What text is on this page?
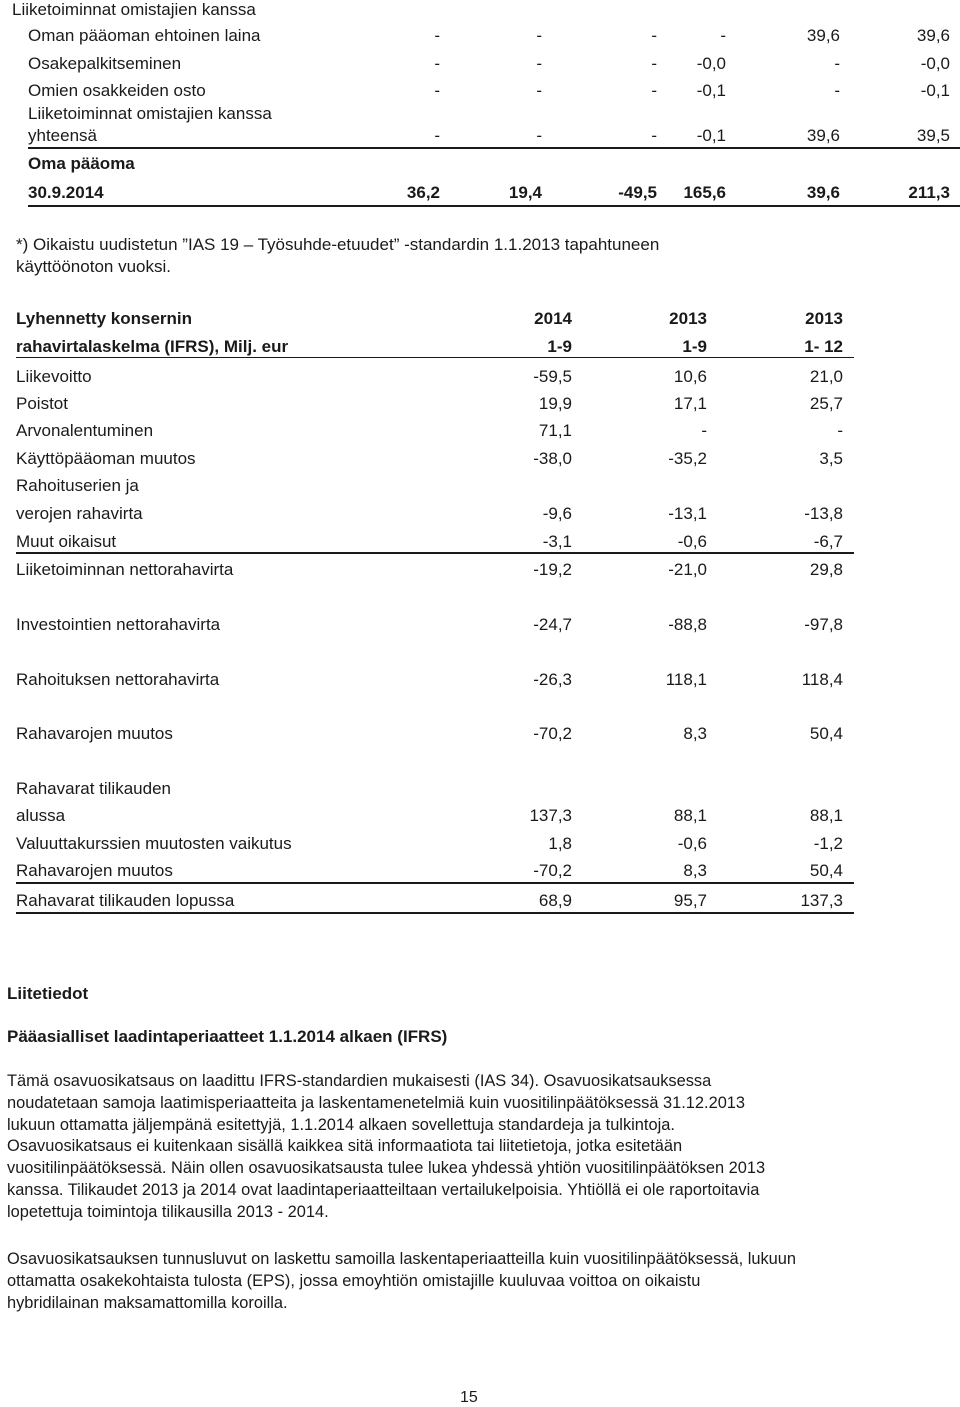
Liiketoiminnat omistajien kanssa
Oman pääoman ehtoinen laina	-	-	-	-	39,6	39,6
Osakepalkitseminen	-	-	-	-0,0	-	-0,0
Omien osakkeiden osto	-	-	-	-0,1	-	-0,1
Liiketoiminnat omistajien kanssa
yhteensä	-	-	-	-0,1	39,6	39,5
Oma pääoma
30.9.2014	36,2	19,4	-49,5	165,6	39,6	211,3
*) Oikaistu uudistetun ”IAS 19 – Työsuhde-etuudet” -standardin 1.1.2013 tapahtuneen
käyttöönoton vuoksi.
Lyhennetty konsernin
rahavirtalaskelma (IFRS), Milj. eur
2014	2013	2013
1-9	1-9	1- 12
Liikevoitto	-59,5	10,6	21,0
Poistot	19,9	17,1	25,7
Arvonalentuminen	71,1	-	-
Käyttöpääoman muutos	-38,0	-35,2	3,5
Rahoituserien ja
verojen rahavirta	-9,6	-13,1	-13,8
Muut oikaisut	-3,1	-0,6	-6,7
Liiketoiminnan nettorahavirta	-19,2	-21,0	29,8
Investointien nettorahavirta	-24,7	-88,8	-97,8
Rahoituksen nettorahavirta	-26,3	118,1	118,4
Rahavarojen muutos	-70,2	8,3	50,4
Rahavarat tilikauden
alussa	137,3	88,1	88,1
Valuuttakurssien muutosten vaikutus	1,8	-0,6	-1,2
Rahavarojen muutos	-70,2	8,3	50,4
Rahavarat tilikauden lopussa	68,9	95,7	137,3
Liitetiedot
Pääasialliset laadintaperiaatteet 1.1.2014 alkaen (IFRS)
Tämä osavuosikatsaus on laadittu IFRS-standardien mukaisesti (IAS 34). Osavuosikatsauksessa
noudatetaan samoja laatimisperiaatteita ja laskentamenetelmiä kuin vuositilinpäätöksessä 31.12.2013
lukuun ottamatta jäljempänä esitettyjä, 1.1.2014 alkaen sovellettuja standardeja ja tulkintoja.
Osavuosikatsaus ei kuitenkaan sisällä kaikkea sitä informaatiota tai liitetietoja, jotka esitetään
vuositilinpäätöksessä. Näin ollen osavuosikatsausta tulee lukea yhdessä yhtiön vuositilinpäätöksen 2013
kanssa. Tilikaudet 2013 ja 2014 ovat laadintaperiaatteiltaan vertailukelpoisia. Yhtiöllä ei ole raportoitavia
lopetettuja toimintoja tilikausilla 2013 - 2014.
Osavuosikatsauksen tunnusluvut on laskettu samoilla laskentaperiaatteilla kuin vuositilinpäätöksessä, lukuun
ottamatta osakekohtaista tulosta (EPS), jossa emoyhtiön omistajille kuuluvaa voittoa on oikaistu
hybridilainan maksamattomilla koroilla.
15
